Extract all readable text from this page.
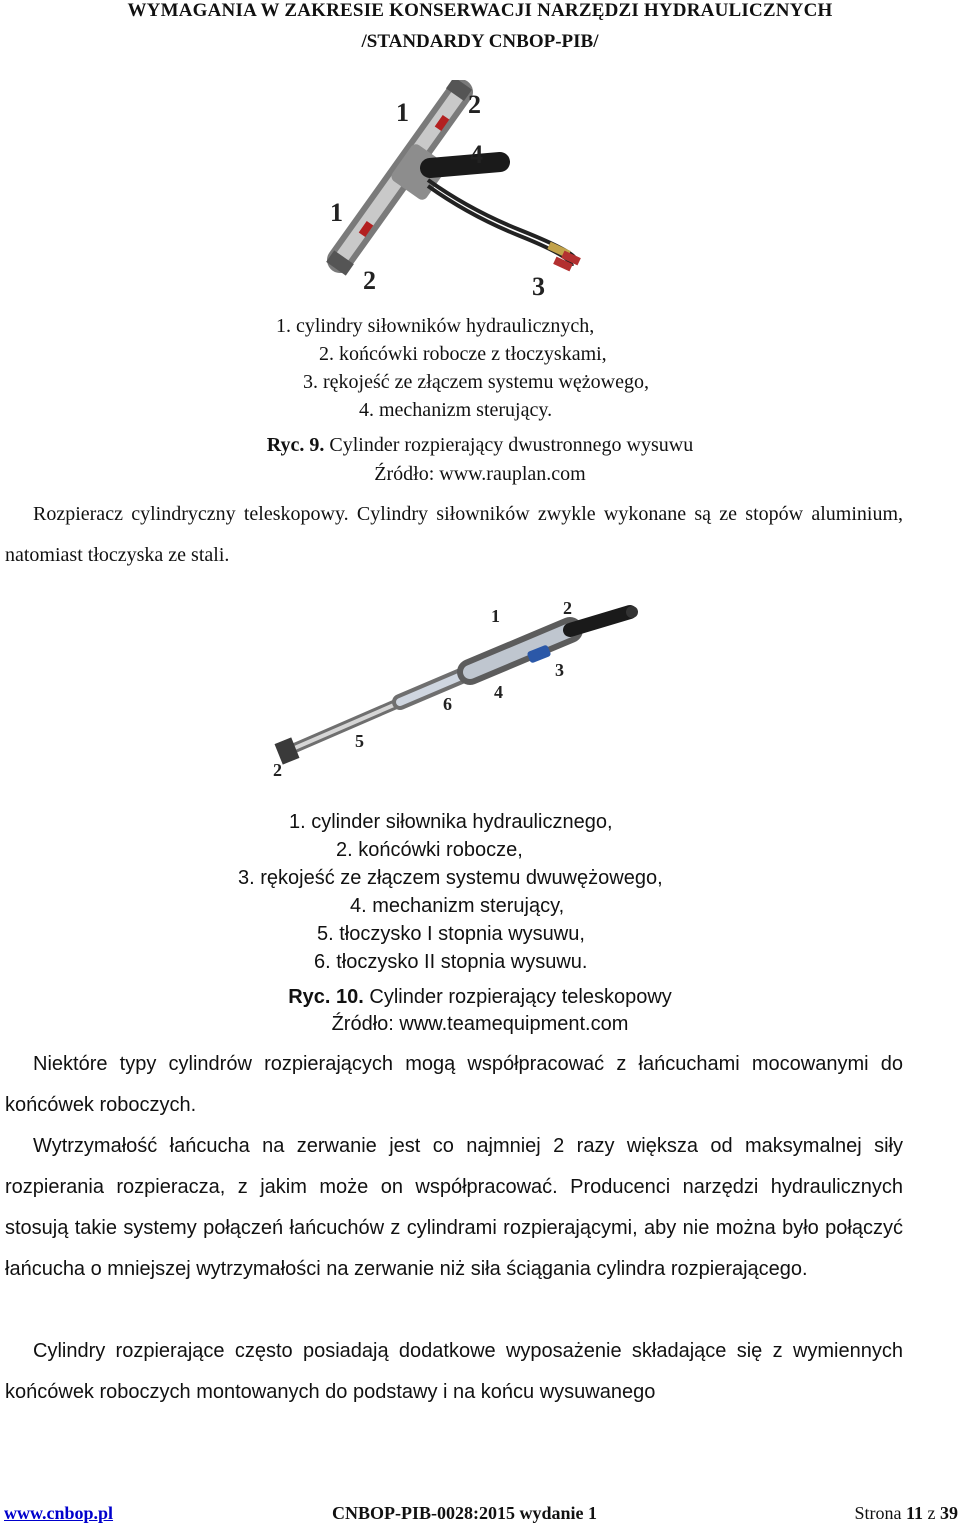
WYMAGANIA W ZAKRESIE KONSERWACJI NARZĘDZI HYDRAULICZNYCH
/STANDARDY CNBOP-PIB/
1 2
4
1
2	3
1. cylindry siłowników hydraulicznych,
2. końcówki robocze z tłoczyskami,
3. rękojeść ze złączem systemu wężowego,
4. mechanizm sterujący.
Ryc. 9. Cylinder rozpierający dwustronnego wysuwu
Źródło: www.rauplan.com
Rozpieracz cylindryczny teleskopowy. Cylindry siłowników zwykle wykonane są ze stopów aluminium, natomiast tłoczyska ze stali.
1	2
3
4
6
5
2
1. cylinder siłownika hydraulicznego,
2. końcówki robocze,
3. rękojeść ze złączem systemu dwuwężowego,
4. mechanizm sterujący,
5. tłoczysko I stopnia wysuwu,
6. tłoczysko II stopnia wysuwu.
Ryc. 10. Cylinder rozpierający teleskopowy
Źródło: www.teamequipment.com
Niektóre typy cylindrów rozpierających mogą współpracować z łańcuchami mocowanymi do końcówek roboczych.
Wytrzymałość łańcucha na zerwanie jest co najmniej 2 razy większa od maksymalnej siły rozpierania rozpieracza, z jakim może on współpracować. Producenci narzędzi hydraulicznych stosują takie systemy połączeń łańcuchów z cylindrami rozpierającymi, aby nie można było połączyć łańcucha o mniejszej wytrzymałości na zerwanie niż siła ściągania cylindra rozpierającego.
Cylindry rozpierające często posiadają dodatkowe wyposażenie składające się z wymiennych końcówek roboczych montowanych do podstawy i na końcu wysuwanego
www.cnbop.pl	CNBOP-PIB-0028:2015 wydanie 1	Strona 11 z 39
